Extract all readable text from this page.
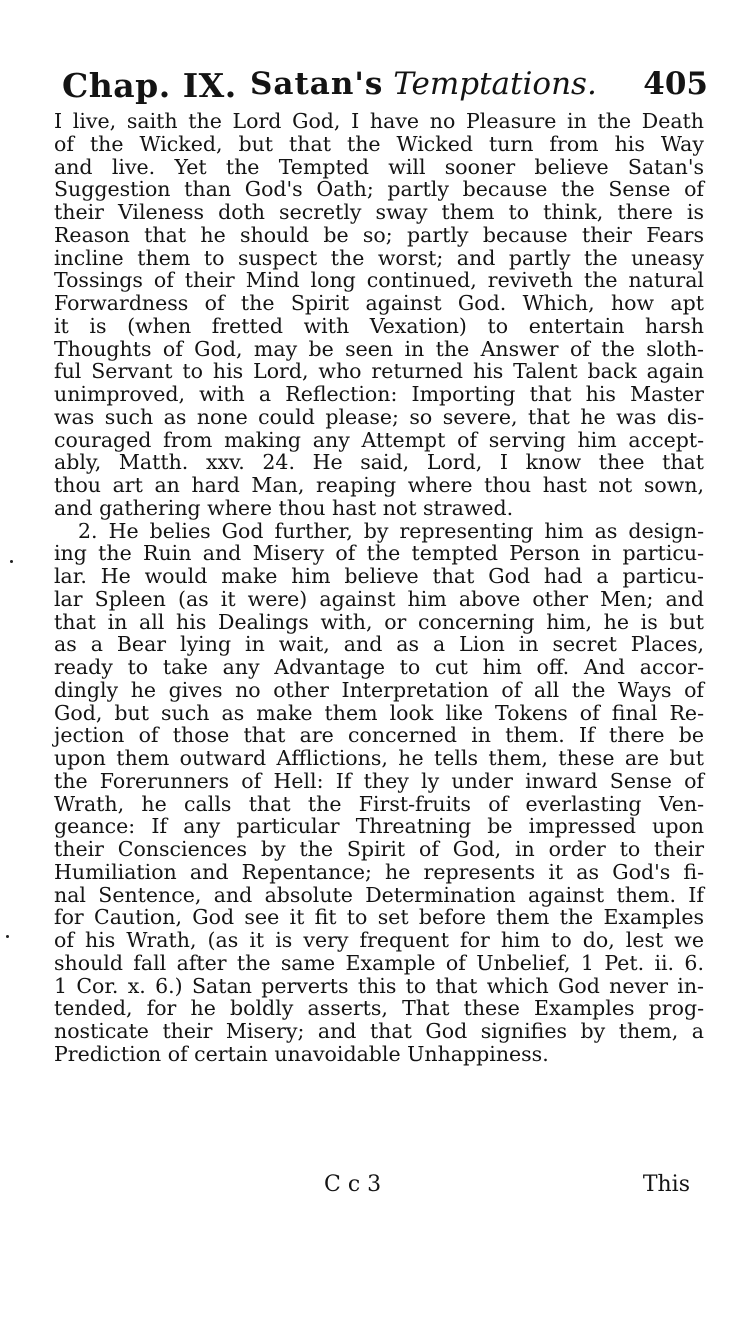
Chap. IX. Satan's Temptations. 405
I live, saith the Lord God, I have no Pleasure in the Death
of the Wicked, but that the Wicked turn from his Way
and live. Yet the Tempted will sooner believe Satan's
Suggestion than God's Oath; partly because the Sense of
their Vileness doth secretly sway them to think, there is
Reason that he should be so; partly because their Fears
incline them to suspect the worst; and partly the uneasy
Tossings of their Mind long continued, reviveth the natural
Forwardness of the Spirit against God. Which, how apt
it is (when fretted with Vexation) to entertain harsh
Thoughts of God, may be seen in the Answer of the sloth-
ful Servant to his Lord, who returned his Talent back again
unimproved, with a Reflection: Importing that his Master
was such as none could please; so severe, that he was dis-
couraged from making any Attempt of serving him accept-
ably, Matth. xxv. 24. He said, Lord, I know thee that
thou art an hard Man, reaping where thou hast not sown,
and gathering where thou hast not strawed.
2. He belies God further, by representing him as design-
ing the Ruin and Misery of the tempted Person in particu-
lar. He would make him believe that God had a particu-
lar Spleen (as it were) against him above other Men; and
that in all his Dealings with, or concerning him, he is but
as a Bear lying in wait, and as a Lion in secret Places,
ready to take any Advantage to cut him off. And accor-
dingly he gives no other Interpretation of all the Ways of
God, but such as make them look like Tokens of final Re-
jection of those that are concerned in them. If there be
upon them outward Afflictions, he tells them, these are but
the Forerunners of Hell: If they ly under inward Sense of
Wrath, he calls that the First-fruits of everlasting Ven-
geance: If any particular Threatning be impressed upon
their Consciences by the Spirit of God, in order to their
Humiliation and Repentance; he represents it as God's fi-
nal Sentence, and absolute Determination against them. If
for Caution, God see it fit to set before them the Examples
of his Wrath, (as it is very frequent for him to do, lest we
should fall after the same Example of Unbelief, 1 Pet. ii. 6.
1 Cor. x. 6.) Satan perverts this to that which God never in-
tended, for he boldly asserts, That these Examples prog-
nosticate their Misery; and that God signifies by them, a
Prediction of certain unavoidable Unhappiness.
C c 3	This
